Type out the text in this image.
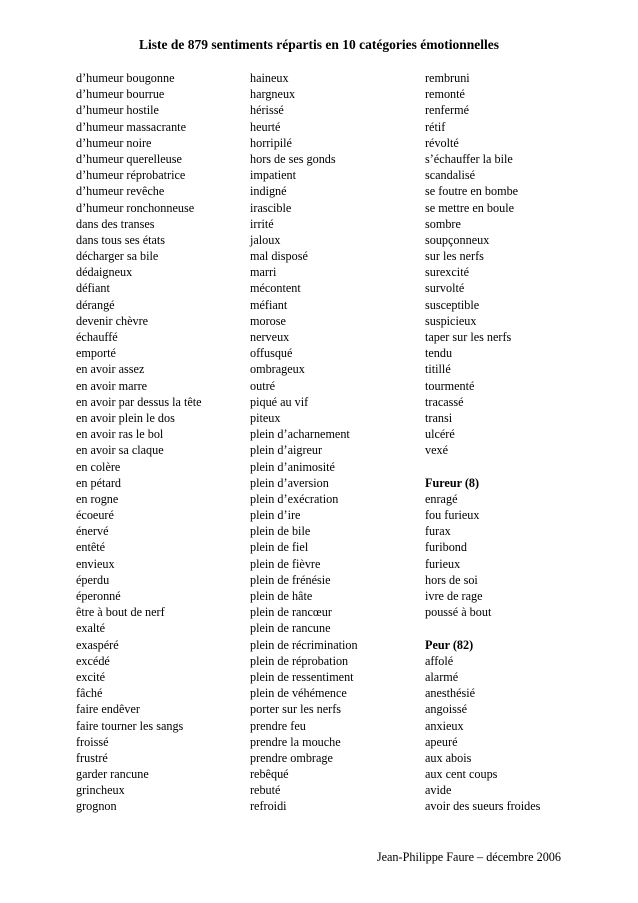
Liste de 879 sentiments répartis en 10 catégories émotionnelles
d’humeur bougonne
d’humeur bourrue
d’humeur hostile
d’humeur massacrante
d’humeur noire
d’humeur querelleuse
d’humeur réprobatrice
d’humeur revêche
d’humeur ronchonneuse
dans des transes
dans tous ses états
décharger sa bile
dédaigneux
défiant
dérangé
devenir chèvre
échauffé
emporté
en avoir assez
en avoir marre
en avoir par dessus la tête
en avoir plein le dos
en avoir ras le bol
en avoir sa claque
en colère
en pétard
en rogne
écoeuré
énervé
entêté
envieux
éperdu
éperonné
être à bout de nerf
exalté
exaspéré
excédé
excité
fâché
faire endêver
faire tourner les sangs
froissé
frustré
garder rancune
grincheux
grognon
haineux
hargneux
hérissé
heurté
horripilé
hors de ses gonds
impatient
indigné
irascible
irrité
jaloux
mal disposé
marri
mécontent
méfiant
morose
nerveux
offusqué
ombrageux
outré
piqué au vif
piteux
plein d’acharnement
plein d’aigreur
plein d’animosité
plein d’aversion
plein d’exécration
plein d’ire
plein de bile
plein de fiel
plein de fièvre
plein de frénésie
plein de hâte
plein de rancœur
plein de rancune
plein de récrimination
plein de réprobation
plein de ressentiment
plein de véhémence
porter sur les nerfs
prendre feu
prendre la mouche
prendre ombrage
rebêqué
rebuté
refroidi
rembruni
remonté
renfermé
rétif
révolté
s’échauffer la bile
scandalisé
se foutre en bombe
se mettre en boule
sombre
soupçonneux
sur les nerfs
surexcité
survolté
susceptible
suspicieux
taper sur les nerfs
tendu
titillé
tourmenté
tracassé
transi
ulcéré
vexé

Fureur (8)
enragé
fou furieux
furax
furibond
furieux
hors de soi
ivre de rage
poussé à bout

Peur (82)
affolé
alarmé
anesthésié
angoissé
anxieux
apeuré
aux abois
aux cent coups
avide
avoir des sueurs froides
Jean-Philippe Faure – décembre 2006
